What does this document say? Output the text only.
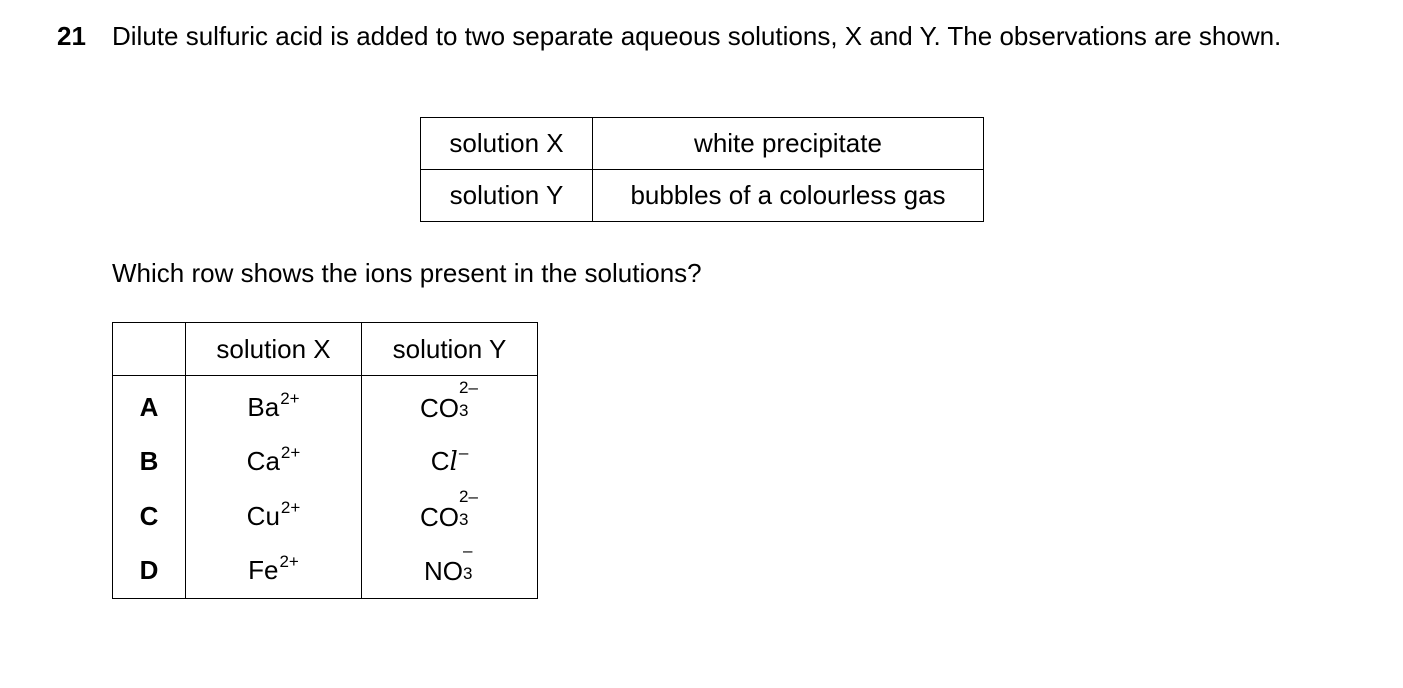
21 Dilute sulfuric acid is added to two separate aqueous solutions, X and Y. The observations are shown.
solution X	white precipitate
solution Y	bubbles of a colourless gas
Which row shows the ions present in the solutions?
	solution X	solution Y
A	$Ba^{2+}$	CO
2–
3

B	$Ca^{2+}$	Cl–
C	$Cu^{2+}$	CO
2–
3

D	$Fe^{2+}$	NO
–
3
